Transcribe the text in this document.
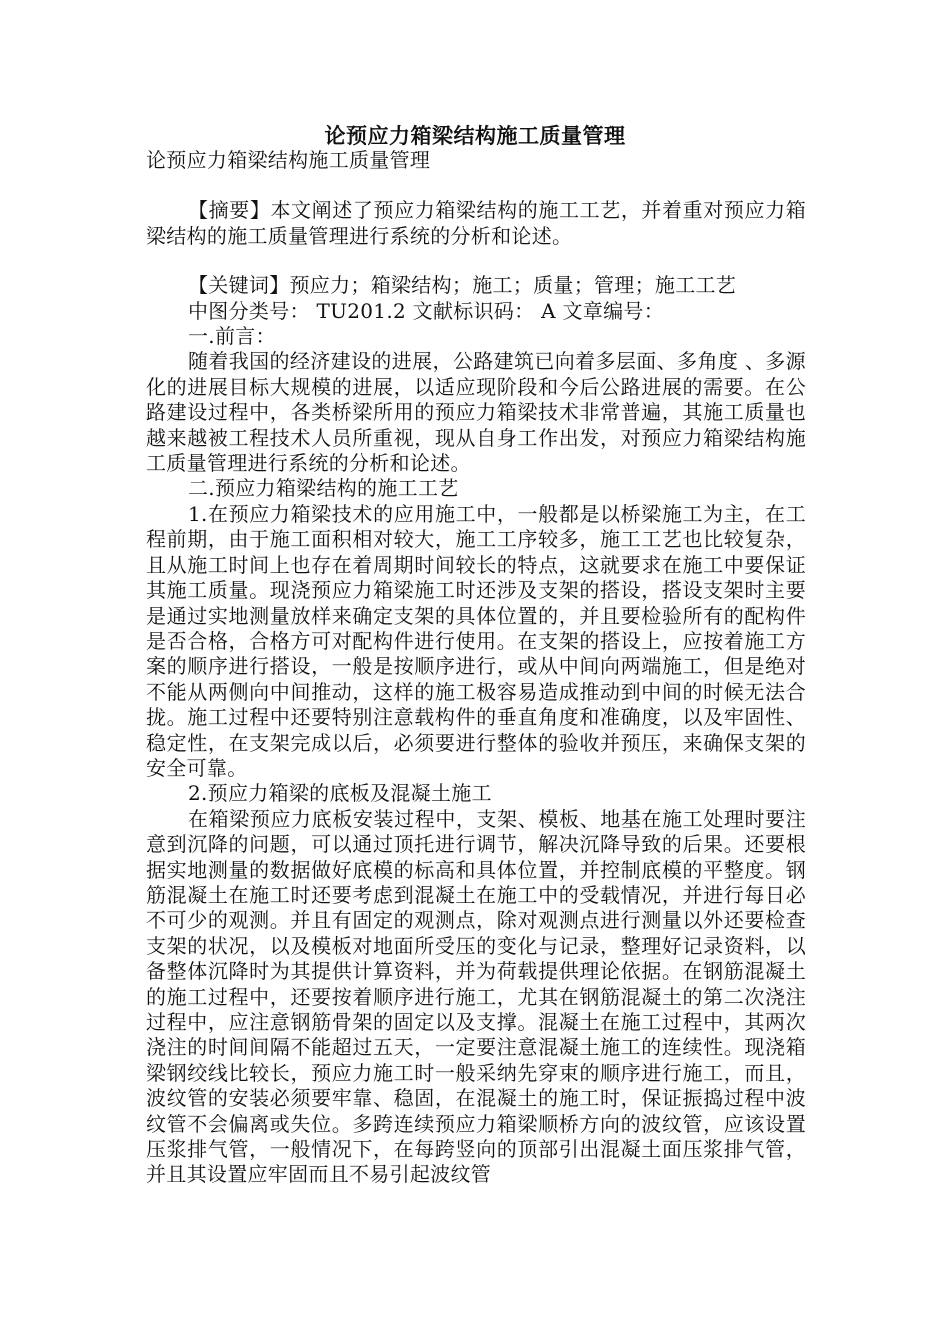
论预应力箱梁结构施工质量管理

论预应力箱梁结构施工质量管理

【摘要】本文阐述了预应力箱梁结构的施工工艺，并着重对预应力箱梁结构的施工质量管理进行系统的分析和论述。

【关键词】预应力；箱梁结构；施工；质量；管理；施工工艺

中图分类号： TU201.2 文献标识码： A 文章编号：

一.前言：

随着我国的经济建设的进展，公路建筑已向着多层面、多角度 、多源化的进展目标大规模的进展，以适应现阶段和今后公路进展的需要。在公路建设过程中，各类桥梁所用的预应力箱梁技术非常普遍，其施工质量也越来越被工程技术人员所重视，现从自身工作出发，对预应力箱梁结构施工质量管理进行系统的分析和论述。

二.预应力箱梁结构的施工工艺

1.在预应力箱梁技术的应用施工中，一般都是以桥梁施工为主，在工程前期，由于施工面积相对较大，施工工序较多，施工工艺也比较复杂，且从施工时间上也存在着周期时间较长的特点，这就要求在施工中要保证其施工质量。现浇预应力箱梁施工时还涉及支架的搭设，搭设支架时主要是通过实地测量放样来确定支架的具体位置的，并且要检验所有的配构件是否合格，合格方可对配构件进行使用。在支架的搭设上，应按着施工方案的顺序进行搭设，一般是按顺序进行，或从中间向两端施工，但是绝对不能从两侧向中间推动，这样的施工极容易造成推动到中间的时候无法合拢。施工过程中还要特别注意载构件的垂直角度和准确度，以及牢固性、稳定性，在支架完成以后，必须要进行整体的验收并预压，来确保支架的安全可靠。

2.预应力箱梁的底板及混凝土施工

在箱梁预应力底板安装过程中，支架、模板、地基在施工处理时要注意到沉降的问题，可以通过顶托进行调节，解决沉降导致的后果。还要根据实地测量的数据做好底模的标高和具体位置，并控制底模的平整度。钢筋混凝土在施工时还要考虑到混凝土在施工中的受载情况，并进行每日必不可少的观测。并且有固定的观测点，除对观测点进行测量以外还要检查支架的状况，以及模板对地面所受压的变化与记录，整理好记录资料，以备整体沉降时为其提供计算资料，并为荷载提供理论依据。在钢筋混凝土的施工过程中，还要按着顺序进行施工，尤其在钢筋混凝土的第二次浇注过程中，应注意钢筋骨架的固定以及支撑。混凝土在施工过程中，其两次浇注的时间间隔不能超过五天，一定要注意混凝土施工的连续性。现浇箱梁钢绞线比较长，预应力施工时一般采纳先穿束的顺序进行施工，而且，波纹管的安装必须要牢靠、稳固，在混凝土的施工时，保证振捣过程中波纹管不会偏离或失位。多跨连续预应力箱梁顺桥方向的波纹管，应该设置压浆排气管，一般情况下，在每跨竖向的顶部引出混凝土面压浆排气管，并且其设置应牢固而且不易引起波纹管
